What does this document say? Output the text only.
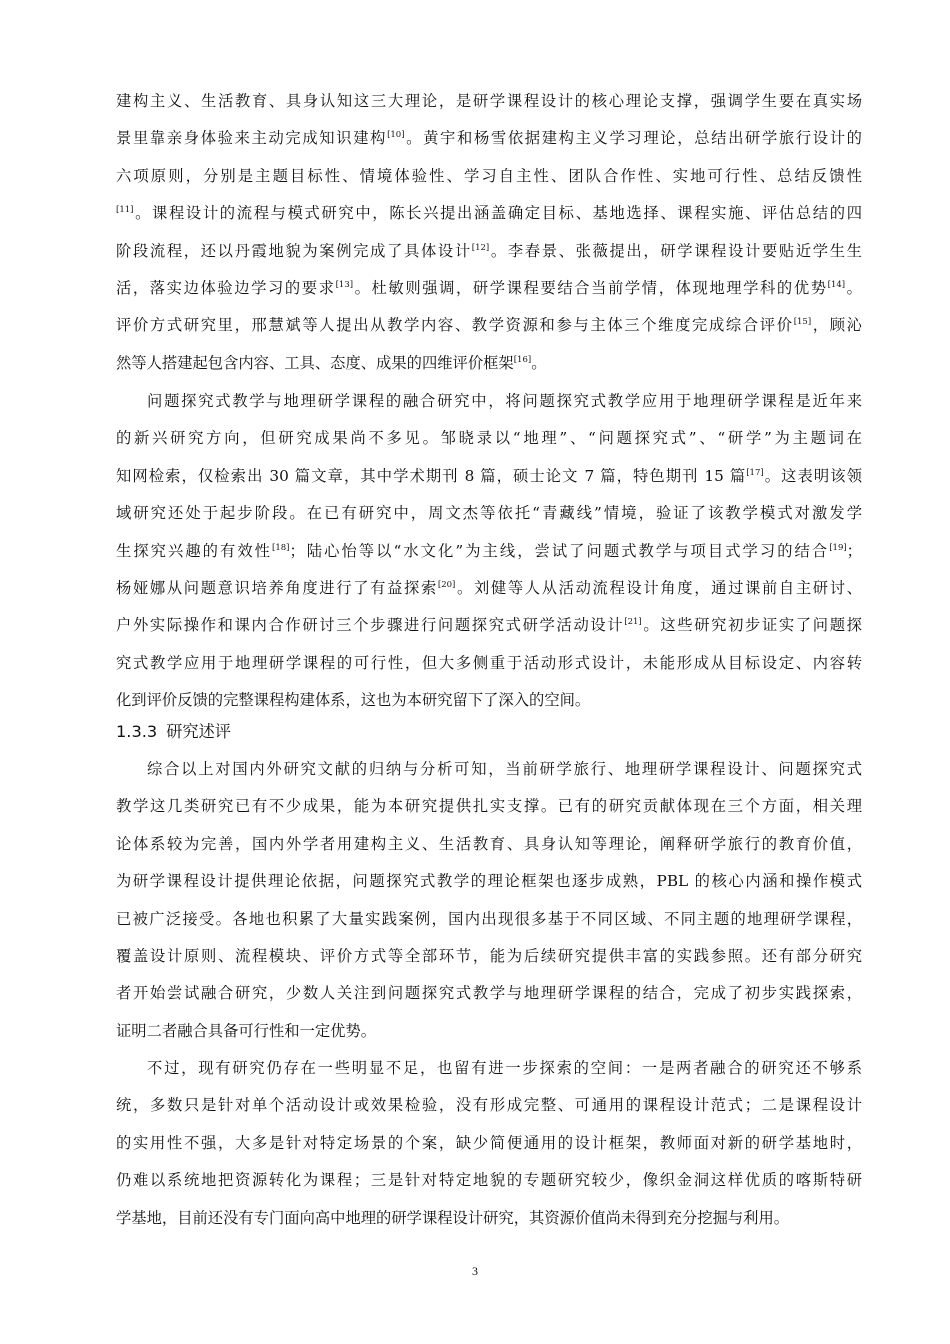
建构主义、生活教育、具身认知这三大理论，是研学课程设计的核心理论支撑，强调学生要在真实场
景里靠亲身体验来主动完成知识建构[10]。黄宇和杨雪依据建构主义学习理论，总结出研学旅行设计的
六项原则，分别是主题目标性、情境体验性、学习自主性、团队合作性、实地可行性、总结反馈性
[11]。课程设计的流程与模式研究中，陈长兴提出涵盖确定目标、基地选择、课程实施、评估总结的四
阶段流程，还以丹霞地貌为案例完成了具体设计[12]。李春景、张薇提出，研学课程设计要贴近学生生
活，落实边体验边学习的要求[13]。杜敏则强调，研学课程要结合当前学情，体现地理学科的优势[14]。
评价方式研究里，邢慧斌等人提出从教学内容、教学资源和参与主体三个维度完成综合评价[15]，顾沁
然等人搭建起包含内容、工具、态度、成果的四维评价框架[16]。
问题探究式教学与地理研学课程的融合研究中，将问题探究式教学应用于地理研学课程是近年来
的新兴研究方向，但研究成果尚不多见。邹晓录以“地理”、“问题探究式”、“研学”为主题词在
知网检索，仅检索出 30 篇文章，其中学术期刊 8 篇，硕士论文 7 篇，特色期刊 15 篇[17]。这表明该领
域研究还处于起步阶段。在已有研究中，周文杰等依托“青藏线”情境，验证了该教学模式对激发学
生探究兴趣的有效性[18]；陆心怡等以“水文化”为主线，尝试了问题式教学与项目式学习的结合[19]；
杨娅娜从问题意识培养角度进行了有益探索[20]。刘健等人从活动流程设计角度，通过课前自主研讨、
户外实际操作和课内合作研讨三个步骤进行问题探究式研学活动设计[21]。这些研究初步证实了问题探
究式教学应用于地理研学课程的可行性，但大多侧重于活动形式设计，未能形成从目标设定、内容转
化到评价反馈的完整课程构建体系，这也为本研究留下了深入的空间。
1.3.3 研究述评
综合以上对国内外研究文献的归纳与分析可知，当前研学旅行、地理研学课程设计、问题探究式
教学这几类研究已有不少成果，能为本研究提供扎实支撑。已有的研究贡献体现在三个方面，相关理
论体系较为完善，国内外学者用建构主义、生活教育、具身认知等理论，阐释研学旅行的教育价值，
为研学课程设计提供理论依据，问题探究式教学的理论框架也逐步成熟，PBL 的核心内涵和操作模式
已被广泛接受。各地也积累了大量实践案例，国内出现很多基于不同区域、不同主题的地理研学课程，
覆盖设计原则、流程模块、评价方式等全部环节，能为后续研究提供丰富的实践参照。还有部分研究
者开始尝试融合研究，少数人关注到问题探究式教学与地理研学课程的结合，完成了初步实践探索，
证明二者融合具备可行性和一定优势。
不过，现有研究仍存在一些明显不足，也留有进一步探索的空间：一是两者融合的研究还不够系
统，多数只是针对单个活动设计或效果检验，没有形成完整、可通用的课程设计范式；二是课程设计
的实用性不强，大多是针对特定场景的个案，缺少简便通用的设计框架，教师面对新的研学基地时，
仍难以系统地把资源转化为课程；三是针对特定地貌的专题研究较少，像织金洞这样优质的喀斯特研
学基地，目前还没有专门面向高中地理的研学课程设计研究，其资源价值尚未得到充分挖掘与利用。
3
